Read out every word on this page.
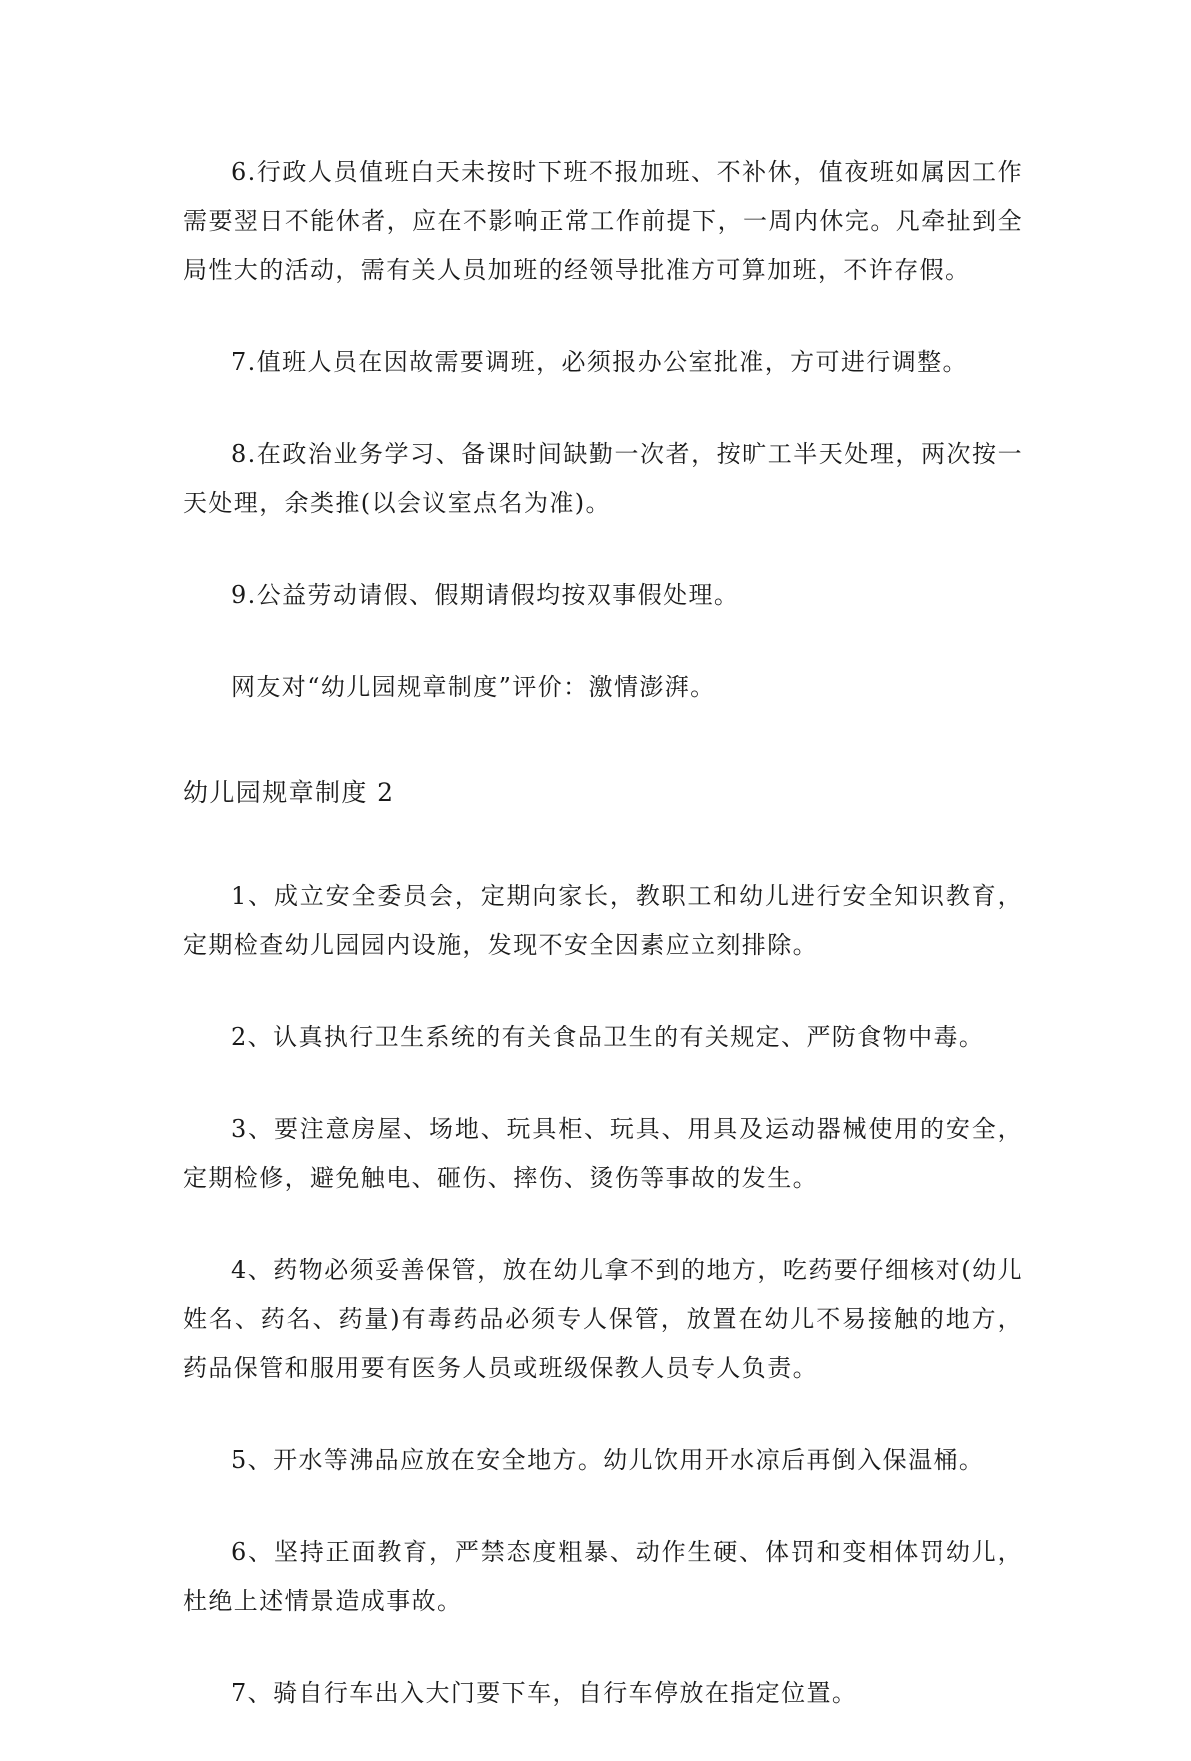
6.行政人员值班白天未按时下班不报加班、不补休，值夜班如属因工作需要翌日不能休者，应在不影响正常工作前提下，一周内休完。凡牵扯到全局性大的活动，需有关人员加班的经领导批准方可算加班，不许存假。

7.值班人员在因故需要调班，必须报办公室批准，方可进行调整。

8.在政治业务学习、备课时间缺勤一次者，按旷工半天处理，两次按一天处理，余类推(以会议室点名为准)。

9.公益劳动请假、假期请假均按双事假处理。

网友对“幼儿园规章制度”评价：激情澎湃。

幼儿园规章制度 2

1、成立安全委员会，定期向家长，教职工和幼儿进行安全知识教育，定期检查幼儿园园内设施，发现不安全因素应立刻排除。

2、认真执行卫生系统的有关食品卫生的有关规定、严防食物中毒。

3、要注意房屋、场地、玩具柜、玩具、用具及运动器械使用的安全，定期检修，避免触电、砸伤、摔伤、烫伤等事故的发生。

4、药物必须妥善保管，放在幼儿拿不到的地方，吃药要仔细核对(幼儿姓名、药名、药量)有毒药品必须专人保管，放置在幼儿不易接触的地方，药品保管和服用要有医务人员或班级保教人员专人负责。

5、开水等沸品应放在安全地方。幼儿饮用开水凉后再倒入保温桶。

6、坚持正面教育，严禁态度粗暴、动作生硬、体罚和变相体罚幼儿，杜绝上述情景造成事故。

7、骑自行车出入大门要下车，自行车停放在指定位置。
